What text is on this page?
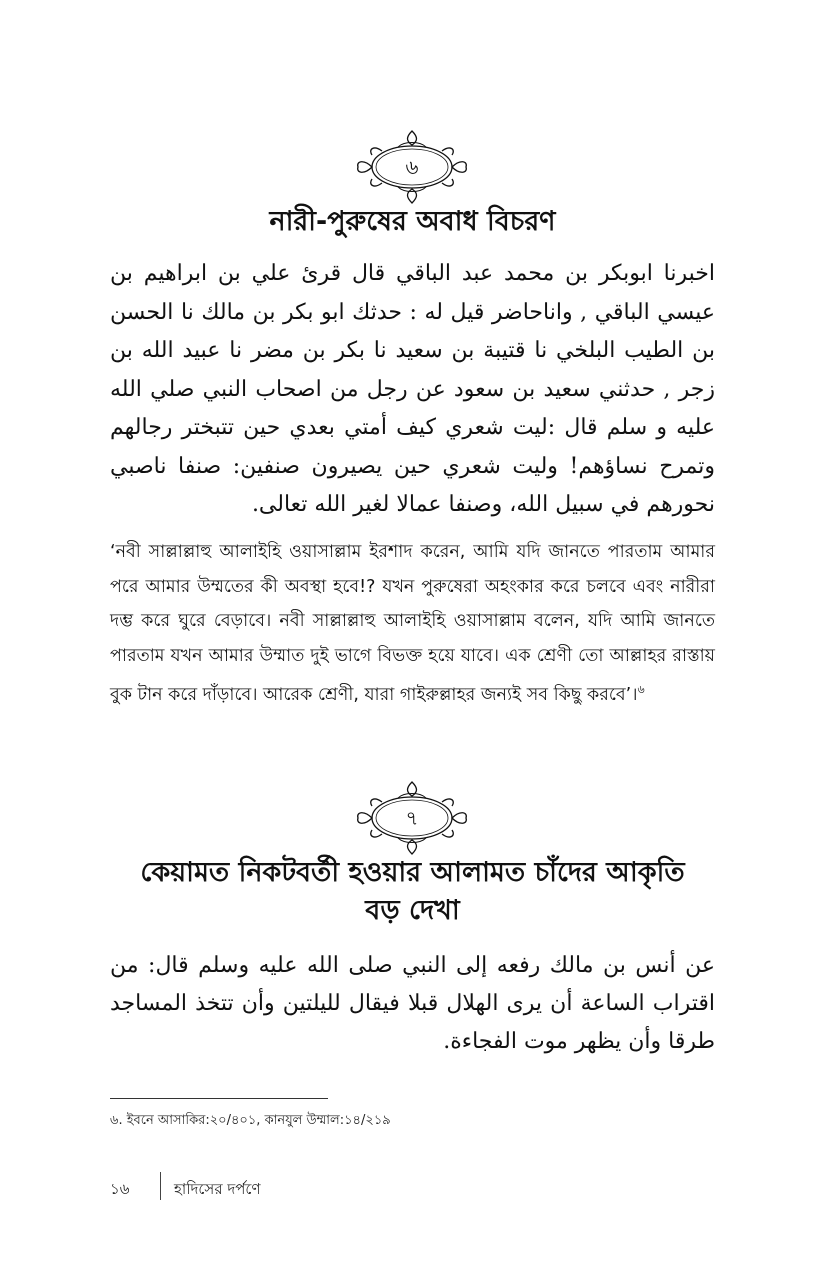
৬
নারী-পুরুষের অবাধ বিচরণ
اخبرنا ابوبكر بن محمد عبد الباقي قال قرئ علي بن ابراهيم بن عيسي الباقي , واناحاضر قيل له : حدثك ابو بكر بن مالك نا الحسن بن الطيب البلخي نا قتيبة بن سعيد نا بكر بن مضر نا عبيد الله بن زجر , حدثني سعيد بن سعود عن رجل من اصحاب النبي صلي الله عليه و سلم قال :ليت شعري كيف أمتي بعدي حين تتبختر رجالهم وتمرح نساؤهم! وليت شعري حين يصيرون صنفين: صنفا ناصبي نحورهم في سبيل الله، وصنفا عمالا لغير الله تعالى.
‘নবী সাল্লাল্লাহু আলাইহি ওয়াসাল্লাম ইরশাদ করেন, আমি যদি জানতে পারতাম আমার পরে আমার উম্মতের কী অবস্থা হবে!? যখন পুরুষেরা অহংকার করে চলবে এবং নারীরা দম্ভ করে ঘুরে বেড়াবে। নবী সাল্লাল্লাহু আলাইহি ওয়াসাল্লাম বলেন, যদি আমি জানতে পারতাম যখন আমার উম্মাত দুই ভাগে বিভক্ত হয়ে যাবে। এক শ্রেণী তো আল্লাহর রাস্তায় বুক টান করে দাঁড়াবে। আরেক শ্রেণী, যারা গাইরুল্লাহর জন্যই সব কিছু করবে’।$^৬$
৭
কেয়ামত নিকটবর্তী হওয়ার আলামত চাঁদের আকৃতি
বড় দেখা
عن أنس بن مالك رفعه إلى النبي صلى الله عليه وسلم قال: من اقتراب الساعة أن يرى الهلال قبلا فيقال لليلتين وأن تتخذ المساجد طرقا وأن يظهر موت الفجاءة.
৬. ইবনে আসাকির:২০/৪০১, কানযুল উম্মাল:১৪/২১৯
১৬	হাদিসের দর্পণে
